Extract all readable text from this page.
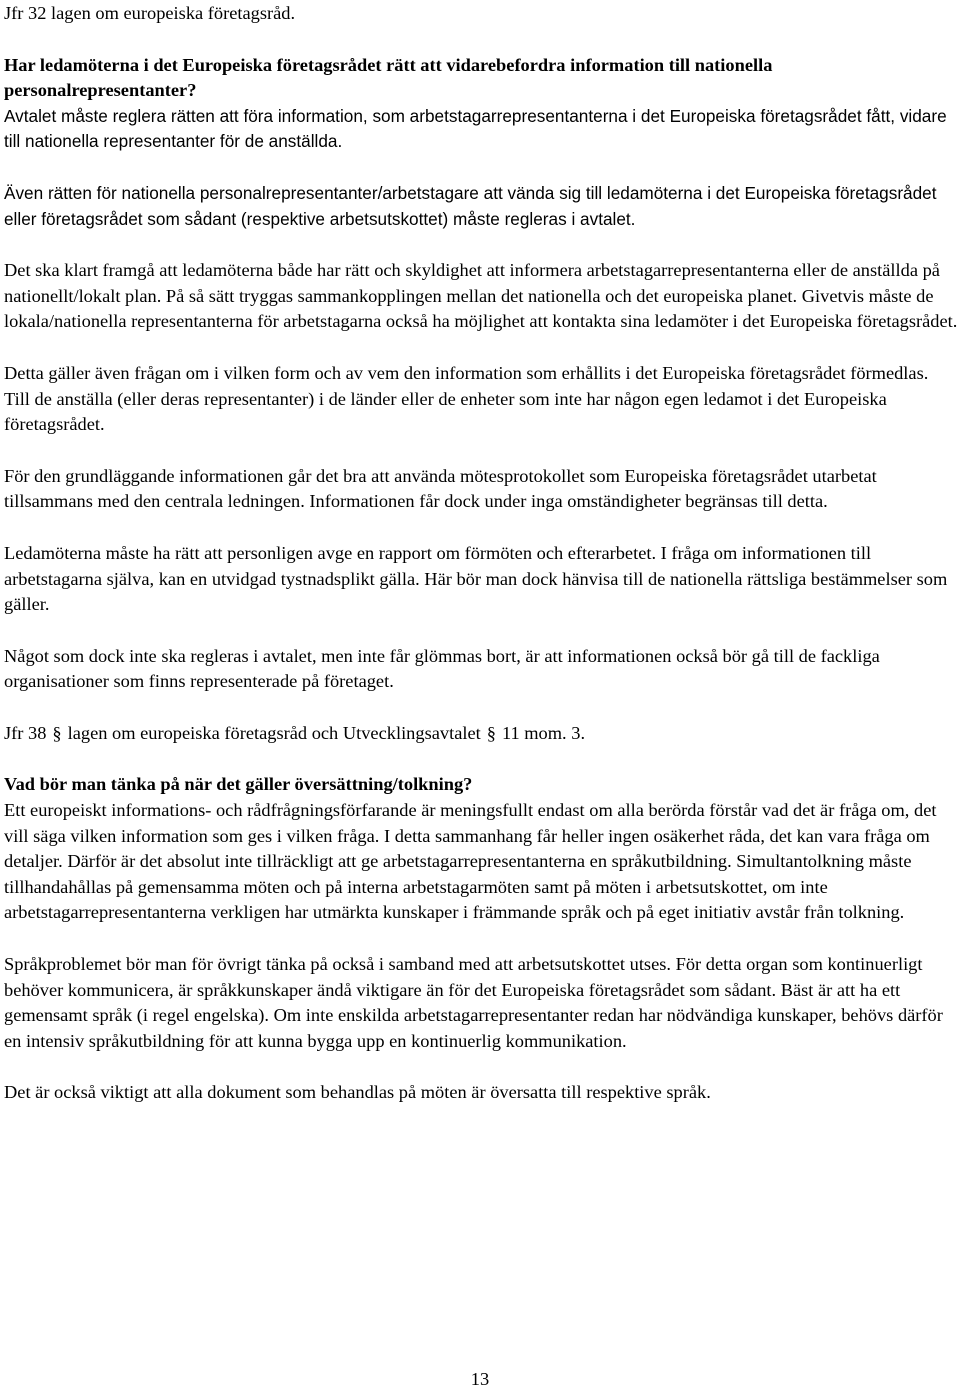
Jfr 32 lagen om europeiska företagsråd.

Har ledamöterna i det Europeiska företagsrådet rätt att vidarebefordra information till nationella personalrepresentanter?

Avtalet måste reglera rätten att föra information, som arbetstagarrepresentanterna i det Europeiska företagsrådet fått, vidare till nationella representanter för de anställda.

Även rätten för nationella personalrepresentanter/arbetstagare att vända sig till ledamöterna i det Europeiska företagsrådet eller företagsrådet som sådant (respektive arbetsutskottet) måste regleras i avtalet.

Det ska klart framgå att ledamöterna både har rätt och skyldighet att informera arbetstagarrepresentanterna eller de anställda på nationellt/lokalt plan. På så sätt tryggas sammankopplingen mellan det nationella och det europeiska planet. Givetvis måste de lokala/nationella representanterna för arbetstagarna också ha möjlighet att kontakta sina ledamöter i det Europeiska företagsrådet.

Detta gäller även frågan om i vilken form och av vem den information som erhållits i det Europeiska företagsrådet förmedlas. Till de anställa (eller deras representanter) i de länder eller de enheter som inte har någon egen ledamot i det Europeiska företagsrådet.

För den grundläggande informationen går det bra att använda mötesprotokollet som Europeiska företagsrådet utarbetat tillsammans med den centrala ledningen. Informationen får dock under inga omständigheter begränsas till detta.

Ledamöterna måste ha rätt att personligen avge en rapport om förmöten och efterarbetet. I fråga om informationen till arbetstagarna själva, kan en utvidgad tystnadsplikt gälla. Här bör man dock hänvisa till de nationella rättsliga bestämmelser som gäller.

Något som dock inte ska regleras i avtalet, men inte får glömmas bort, är att informationen också bör gå till de fackliga organisationer som finns representerade på företaget.

Jfr 38 § lagen om europeiska företagsråd och Utvecklingsavtalet § 11 mom. 3.

Vad bör man tänka på när det gäller översättning/tolkning?

Ett europeiskt informations- och rådfrågningsförfarande är meningsfullt endast om alla berörda förstår vad det är fråga om, det vill säga vilken information som ges i vilken fråga. I detta sammanhang får heller ingen osäkerhet råda, det kan vara fråga om detaljer. Därför är det absolut inte tillräckligt att ge arbetstagarrepresentanterna en språkutbildning. Simultantolkning måste tillhandahållas på gemensamma möten och på interna arbetstagarmöten samt på möten i arbetsutskottet, om inte arbetstagarrepresentanterna verkligen har utmärkta kunskaper i främmande språk och på eget initiativ avstår från tolkning.

Språkproblemet bör man för övrigt tänka på också i samband med att arbetsutskottet utses. För detta organ som kontinuerligt behöver kommunicera, är språkkunskaper ändå viktigare än för det Europeiska företagsrådet som sådant. Bäst är att ha ett gemensamt språk (i regel engelska). Om inte enskilda arbetstagarrepresentanter redan har nödvändiga kunskaper, behövs därför en intensiv språkutbildning för att kunna bygga upp en kontinuerlig kommunikation.

Det är också viktigt att alla dokument som behandlas på möten är översatta till respektive språk.

13
